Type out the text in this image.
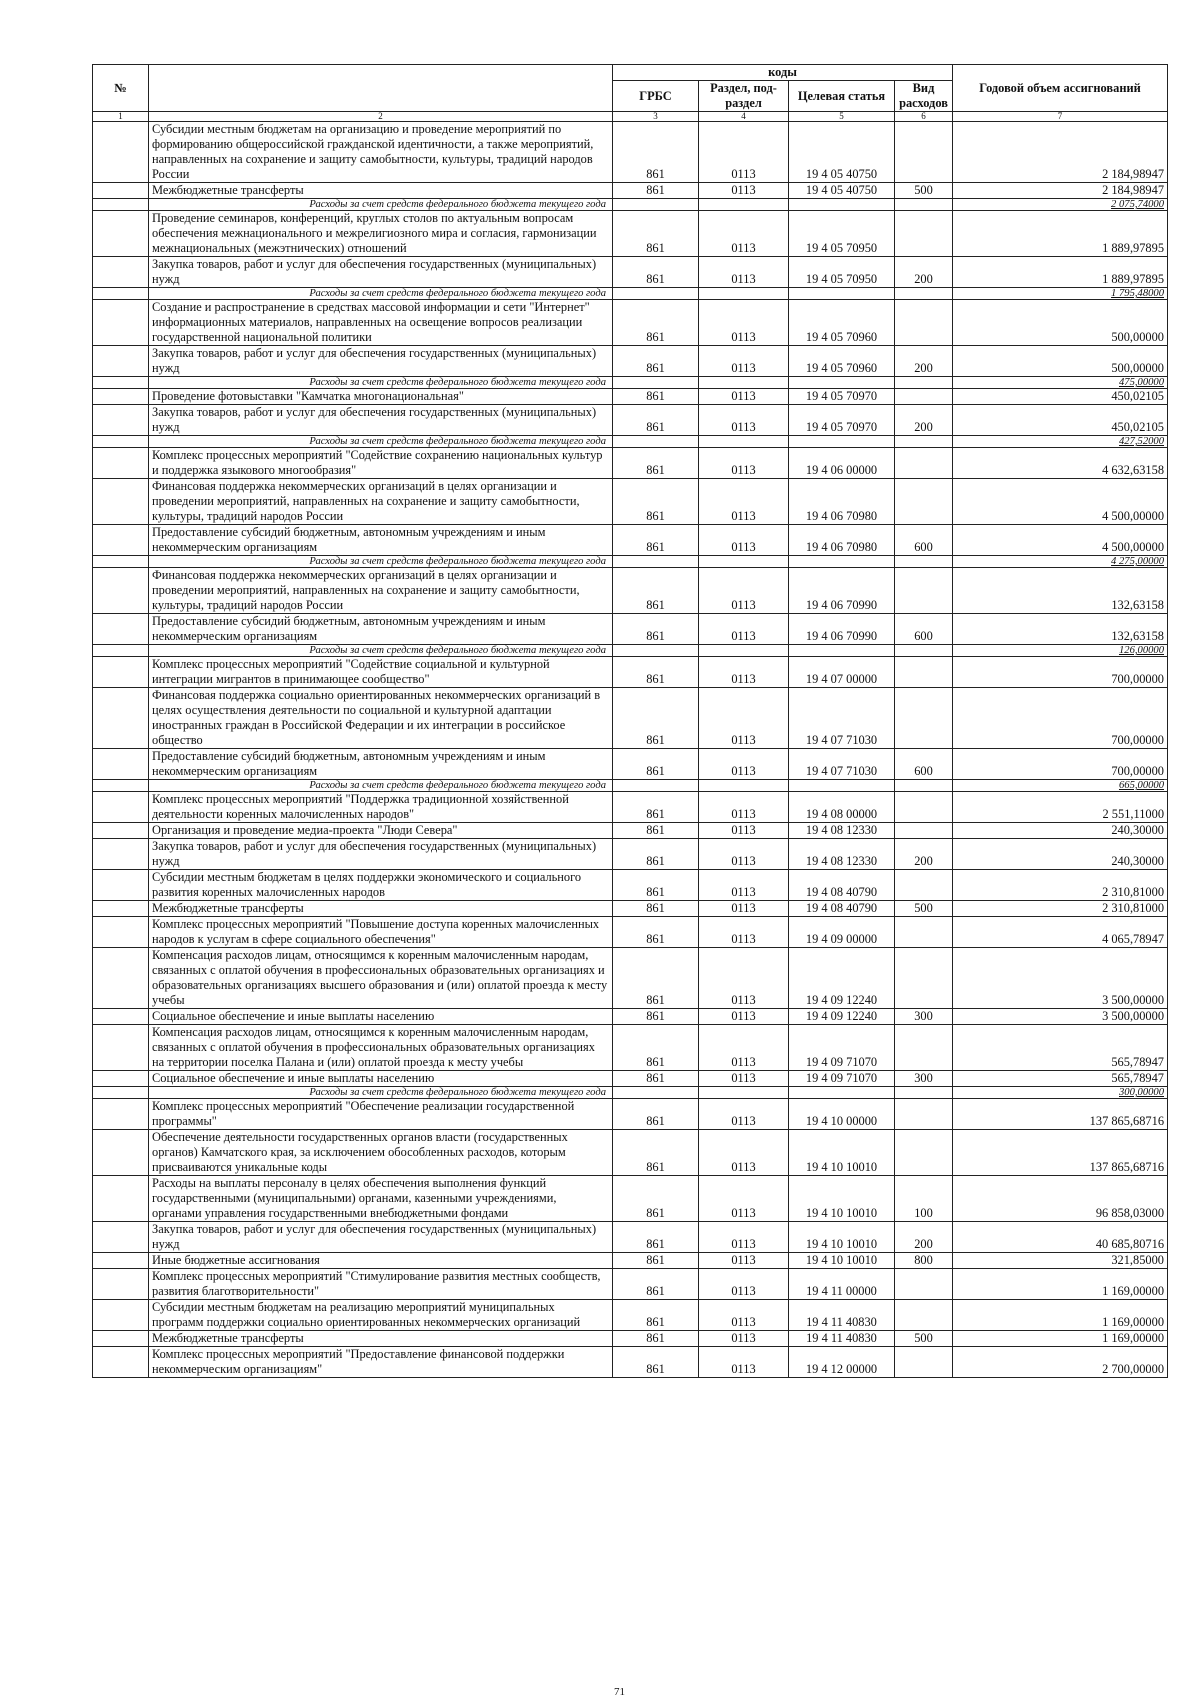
№		коды				Годовой объем ассигнований
		ГРБС	Раздел, под- раздел	Целевая статья	Вид расходов	
1	2	3	4	5	6	7
	Субсидии местным бюджетам на организацию и проведение мероприятий по формированию общероссийской гражданской идентичности, а также мероприятий, направленных на сохранение и защиту самобытности, культуры, традиций народов России	861	0113	19 4 05 40750		2 184,98947
	Межбюджетные трансферты	861	0113	19 4 05 40750	500	2 184,98947
	Расходы за счет средств федерального бюджета текущего года					2 075,74000
	Проведение семинаров, конференций, круглых столов по актуальным вопросам обеспечения межнационального и межрелигиозного мира и согласия, гармонизации межнациональных (межэтнических) отношений	861	0113	19 4 05 70950		1 889,97895
	Закупка товаров, работ и услуг для обеспечения государственных (муниципальных) нужд	861	0113	19 4 05 70950	200	1 889,97895
	Расходы за счет средств федерального бюджета текущего года					1 795,48000
	Создание и распространение в средствах массовой информации и сети "Интернет" информационных материалов, направленных на освещение вопросов реализации государственной национальной политики	861	0113	19 4 05 70960		500,00000
	Закупка товаров, работ и услуг для обеспечения государственных (муниципальных) нужд	861	0113	19 4 05 70960	200	500,00000
	Расходы за счет средств федерального бюджета текущего года					475,00000
	Проведение фотовыставки "Камчатка многонациональная"	861	0113	19 4 05 70970		450,02105
	Закупка товаров, работ и услуг для обеспечения государственных (муниципальных) нужд	861	0113	19 4 05 70970	200	450,02105
	Расходы за счет средств федерального бюджета текущего года					427,52000
	Комплекс процессных мероприятий "Содействие сохранению национальных культур и поддержка языкового многообразия"	861	0113	19 4 06 00000		4 632,63158
	Финансовая поддержка некоммерческих организаций в целях организации и проведении мероприятий, направленных на сохранение и защиту самобытности, культуры, традиций народов России	861	0113	19 4 06 70980		4 500,00000
	Предоставление субсидий бюджетным, автономным учреждениям и иным некоммерческим организациям	861	0113	19 4 06 70980	600	4 500,00000
	Расходы за счет средств федерального бюджета текущего года					4 275,00000
	Финансовая поддержка некоммерческих организаций в целях организации и проведении мероприятий, направленных на сохранение и защиту самобытности, культуры, традиций народов России	861	0113	19 4 06 70990		132,63158
	Предоставление субсидий бюджетным, автономным учреждениям и иным некоммерческим организациям	861	0113	19 4 06 70990	600	132,63158
	Расходы за счет средств федерального бюджета текущего года					126,00000
	Комплекс процессных мероприятий "Содействие социальной и культурной интеграции мигрантов в принимающее сообщество"	861	0113	19 4 07 00000		700,00000
	Финансовая поддержка социально ориентированных некоммерческих организаций в целях осуществления деятельности по социальной и культурной адаптации иностранных граждан в Российской Федерации и их интеграции в российское общество	861	0113	19 4 07 71030		700,00000
	Предоставление субсидий бюджетным, автономным учреждениям и иным некоммерческим организациям	861	0113	19 4 07 71030	600	700,00000
	Расходы за счет средств федерального бюджета текущего года					665,00000
	Комплекс процессных мероприятий "Поддержка традиционной хозяйственной деятельности коренных малочисленных народов"	861	0113	19 4 08 00000		2 551,11000
	Организация и проведение медиа-проекта "Люди Севера"	861	0113	19 4 08 12330		240,30000
	Закупка товаров, работ и услуг для обеспечения государственных (муниципальных) нужд	861	0113	19 4 08 12330	200	240,30000
	Субсидии местным бюджетам в целях поддержки экономического и социального развития коренных малочисленных народов	861	0113	19 4 08 40790		2 310,81000
	Межбюджетные трансферты	861	0113	19 4 08 40790	500	2 310,81000
	Комплекс процессных мероприятий "Повышение доступа коренных малочисленных народов к услугам в сфере социального обеспечения"	861	0113	19 4 09 00000		4 065,78947
	Компенсация расходов лицам, относящимся к коренным малочисленным народам, связанных с оплатой обучения в профессиональных образовательных организациях и образовательных организациях высшего образования и (или) оплатой проезда к месту учебы	861	0113	19 4 09 12240		3 500,00000
	Социальное обеспечение и иные выплаты населению	861	0113	19 4 09 12240	300	3 500,00000
	Компенсация расходов лицам, относящимся к коренным малочисленным народам, связанных с оплатой обучения в профессиональных образовательных организациях на территории поселка Палана и (или) оплатой проезда к месту учебы	861	0113	19 4 09 71070		565,78947
	Социальное обеспечение и иные выплаты населению	861	0113	19 4 09 71070	300	565,78947
	Расходы за счет средств федерального бюджета текущего года					300,00000
	Комплекс процессных мероприятий "Обеспечение реализации государственной программы"	861	0113	19 4 10 00000		137 865,68716
	Обеспечение деятельности государственных органов власти (государственных органов) Камчатского края, за исключением обособленных расходов, которым присваиваются уникальные коды	861	0113	19 4 10 10010		137 865,68716
	Расходы на выплаты персоналу в целях обеспечения выполнения функций государственными (муниципальными) органами, казенными учреждениями, органами управления государственными внебюджетными фондами	861	0113	19 4 10 10010	100	96 858,03000
	Закупка товаров, работ и услуг для обеспечения государственных (муниципальных) нужд	861	0113	19 4 10 10010	200	40 685,80716
	Иные бюджетные ассигнования	861	0113	19 4 10 10010	800	321,85000
	Комплекс процессных мероприятий "Стимулирование развития местных сообществ, развития благотворительности"	861	0113	19 4 11 00000		1 169,00000
	Субсидии местным бюджетам на реализацию мероприятий муниципальных программ поддержки социально ориентированных некоммерческих организаций	861	0113	19 4 11 40830		1 169,00000
	Межбюджетные трансферты	861	0113	19 4 11 40830	500	1 169,00000
	Комплекс процессных мероприятий "Предоставление финансовой поддержки некоммерческим организациям"	861	0113	19 4 12 00000		2 700,00000
71
